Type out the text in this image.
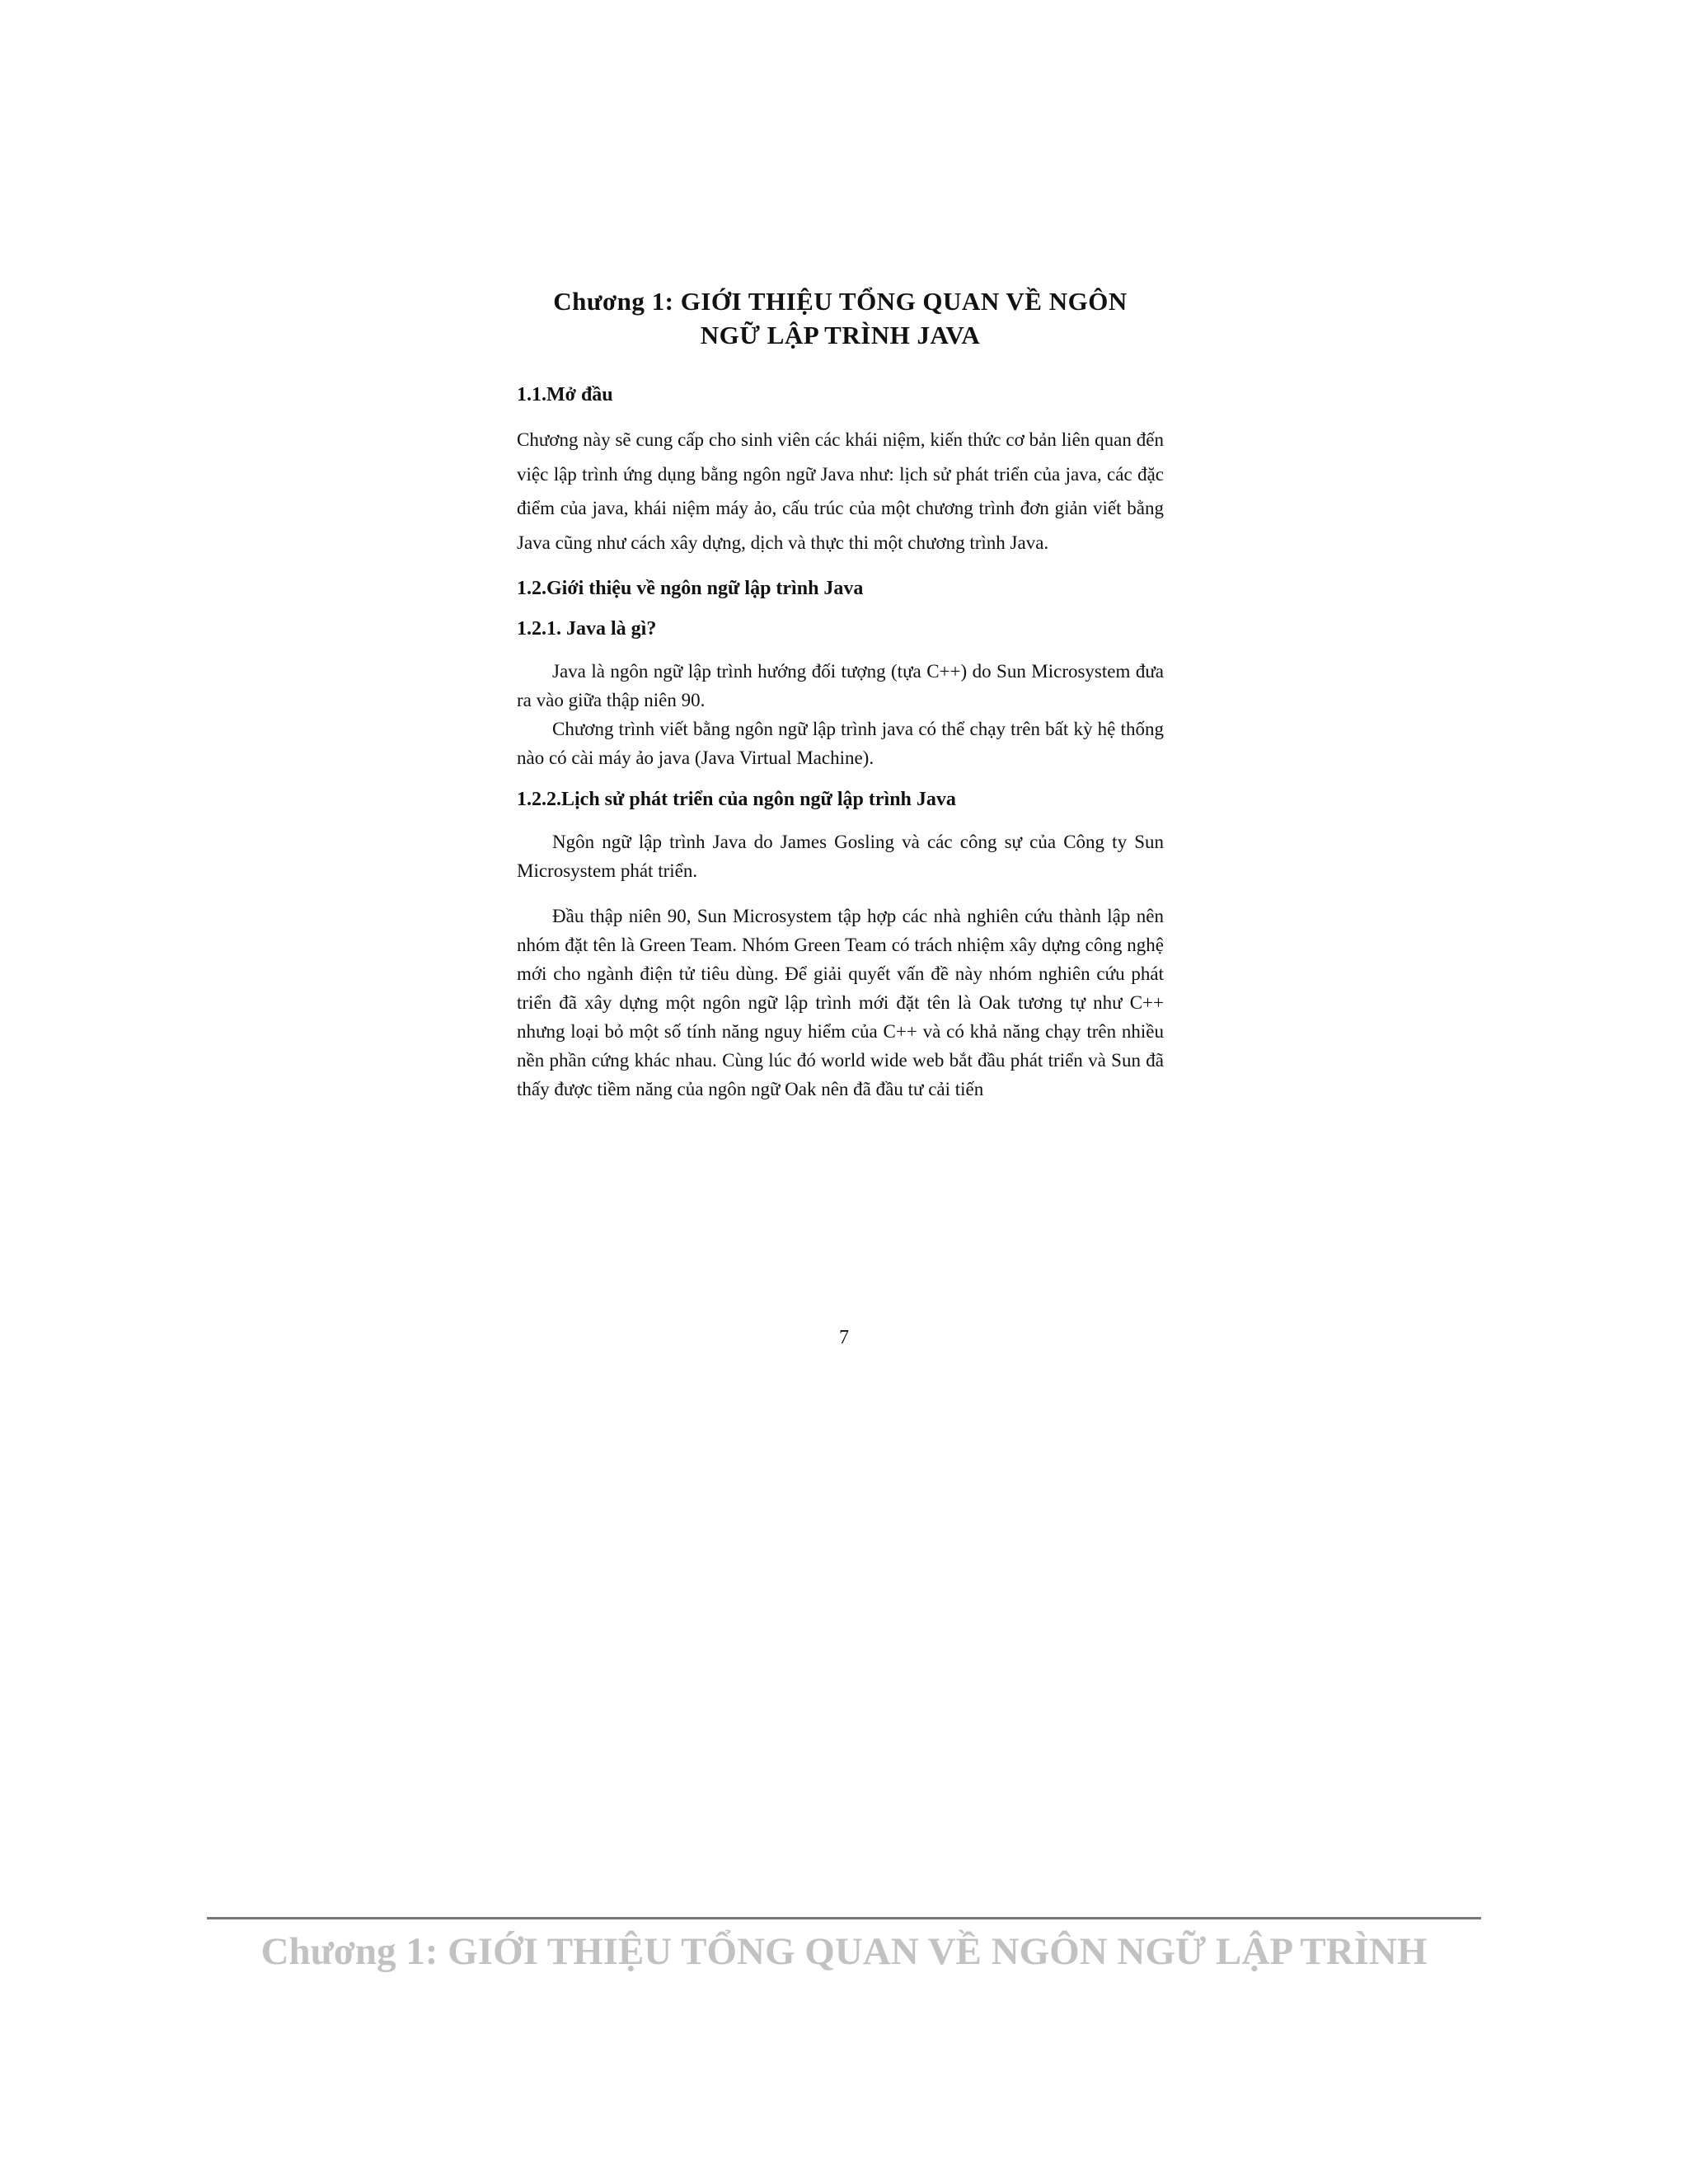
Chương 1: GIỚI THIỆU TỔNG QUAN VỀ NGÔN
NGỮ LẬP TRÌNH JAVA
1.1.Mở đầu

Chương này sẽ cung cấp cho sinh viên các khái niệm, kiến thức cơ bản liên quan đến việc lập trình ứng dụng bằng ngôn ngữ Java như: lịch sử phát triển của java, các đặc điểm của java, khái niệm máy ảo, cấu trúc của một chương trình đơn giản viết bằng Java cũng như cách xây dựng, dịch và thực thi một chương trình Java.

1.2.Giới thiệu về ngôn ngữ lập trình Java
1.2.1. Java là gì?

Java là ngôn ngữ lập trình hướng đối tượng (tựa C++) do Sun Microsystem đưa ra vào giữa thập niên 90.

Chương trình viết bằng ngôn ngữ lập trình java có thể chạy trên bất kỳ hệ thống nào có cài máy ảo java (Java Virtual Machine).

1.2.2.Lịch sử phát triển của ngôn ngữ lập trình Java

Ngôn ngữ lập trình Java do James Gosling và các công sự của Công ty Sun Microsystem phát triển.

Đầu thập niên 90, Sun Microsystem tập hợp các nhà nghiên cứu thành lập nên nhóm đặt tên là Green Team. Nhóm Green Team có trách nhiệm xây dựng công nghệ mới cho ngành điện tử tiêu dùng. Để giải quyết vấn đề này nhóm nghiên cứu phát triển đã xây dựng một ngôn ngữ lập trình mới đặt tên là Oak tương tự như C++ nhưng loại bỏ một số tính năng nguy hiểm của C++ và có khả năng chạy trên nhiều nền phần cứng khác nhau. Cùng lúc đó world wide web bắt đầu phát triển và Sun đã thấy được tiềm năng của ngôn ngữ Oak nên đã đầu tư cải tiến

7
Chương 1: GIỚI THIỆU TỔNG QUAN VỀ NGÔN NGỮ LẬP TRÌNH
